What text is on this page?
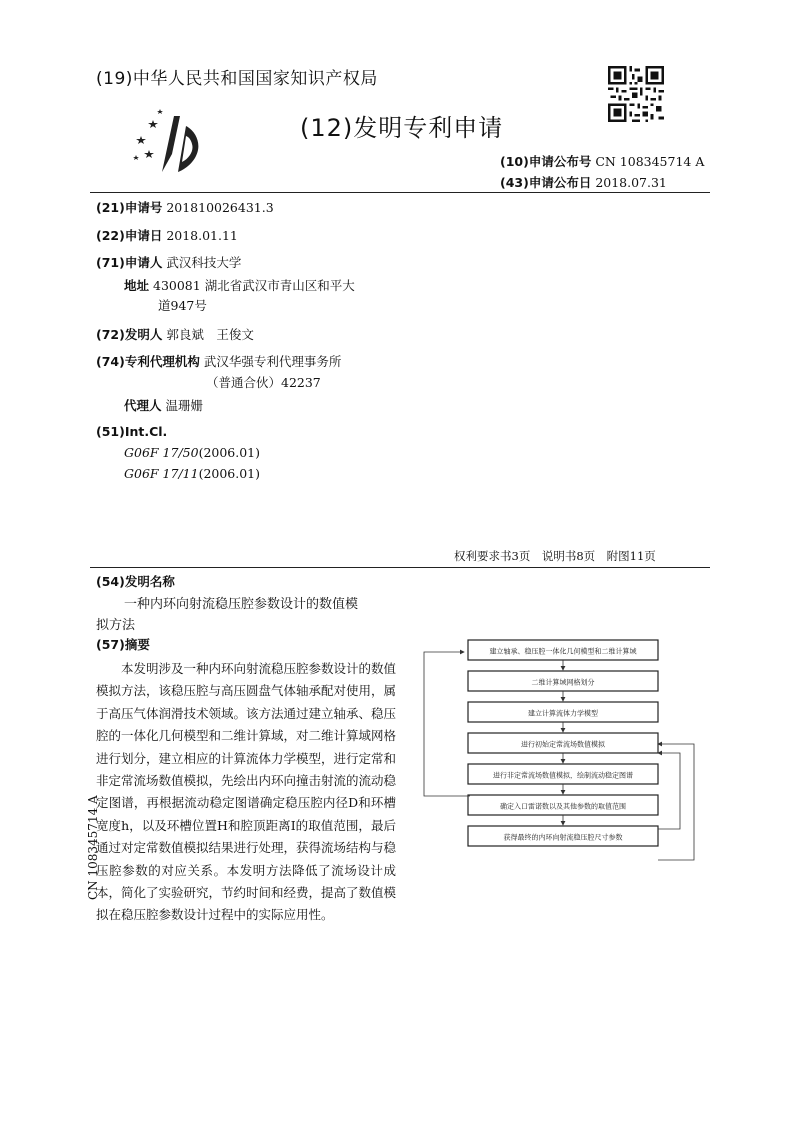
(19)中华人民共和国国家知识产权局
(12)发明专利申请
(10)申请公布号 CN 108345714 A
(43)申请公布日 2018.07.31
(21)申请号 201810026431.3
(22)申请日 2018.01.11
(71)申请人 武汉科技大学
地址 430081 湖北省武汉市青山区和平大
道947号
(72)发明人 郭良斌　王俊文
(74)专利代理机构 武汉华强专利代理事务所
（普通合伙）42237
代理人 温珊姗
(51)Int.Cl.
G06F 17/50(2006.01)
G06F 17/11(2006.01)
权利要求书3页　说明书8页　附图11页
(54)发明名称
一种内环向射流稳压腔参数设计的数值模
拟方法
(57)摘要
　　本发明涉及一种内环向射流稳压腔参数设计的数值模拟方法，该稳压腔与高压圆盘气体轴承配对使用，属于高压气体润滑技术领域。该方法通过建立轴承、稳压腔的一体化几何模型和二维计算域，对二维计算域网格进行划分，建立相应的计算流体力学模型，进行定常和非定常流场数值模拟，先绘出内环向撞击射流的流动稳定图谱，再根据流动稳定图谱确定稳压腔内径D和环槽宽度h，以及环槽位置H和腔顶距离I的取值范围，最后通过对定常数值模拟结果进行处理，获得流场结构与稳压腔参数的对应关系。本发明方法降低了流场设计成本，简化了实验研究，节约时间和经费，提高了数值模拟在稳压腔参数设计过程中的实际应用性。
建立轴承、稳压腔一体化几何模型和二维计算域
二维计算域网格划分
建立计算流体力学模型
进行初始定常流场数值模拟
进行非定常流场数值模拟，绘制流动稳定图谱
确定入口雷诺数以及其他参数的取值范围
获得最终的内环向射流稳压腔尺寸参数
CN 108345714 A
